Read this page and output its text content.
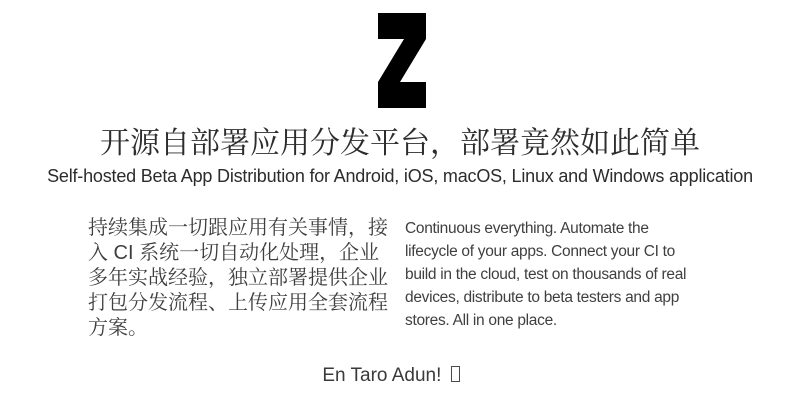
开源自部署应用分发平台，部署竟然如此简单
Self-hosted Beta App Distribution for Android, iOS, macOS, Linux and Windows application

持续集成一切跟应用有关事情，接入 CI 系统一切自动化处理，企业多年实战经验，独立部署提供企业打包分发流程、上传应用全套流程方案。

Continuous everything. Automate the lifecycle of your apps. Connect your CI to build in the cloud, test on thousands of real devices, distribute to beta testers and app stores. All in one place.

En Taro Adun!
